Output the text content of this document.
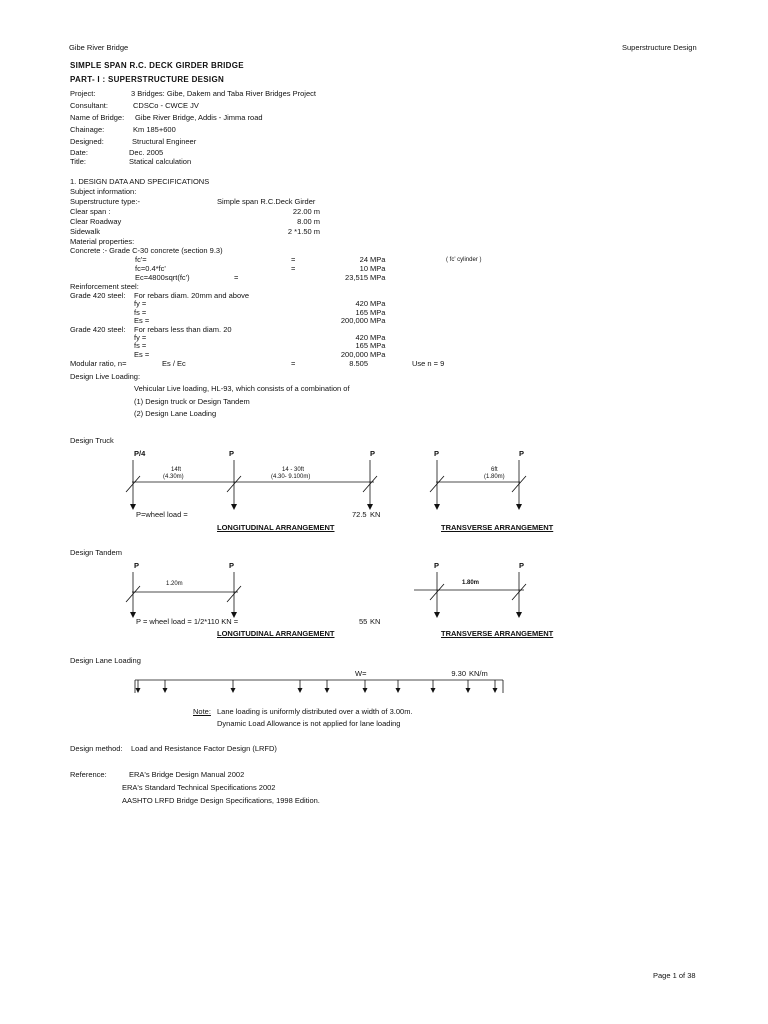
Gibe River Bridge	Superstructure Design
SIMPLE SPAN R.C. DECK GIRDER BRIDGE
PART- I : SUPERSTRUCTURE DESIGN
Project:	3 Bridges: Gibe, Dakem and Taba River Bridges Project
Consultant:	CDSCo - CWCE JV
Name of Bridge: Gibe River Bridge, Addis - Jimma road
Chainage:	Km 185+600
Designed:	Structural Engineer
Date:	Dec. 2005
Title:	Statical calculation
1. DESIGN DATA AND SPECIFICATIONS
Subject information:
Superstructure type:-	Simple span R.C.Deck Girder
Clear span :	22.00 m
Clear Roadway	8.00 m
Sidewalk	2 *1.50 m
Material properties:
Concrete :- Grade C-30 concrete (section 9.3)
fc'=	=	24 MPa	( fc' cylinder )
fc=0.4*fc'	=	10 MPa
Ec=4800sqrt(fc')	=	23,515 MPa
Reinforcement steel:
Grade 420 steel: For rebars diam. 20mm and above
fy =	420 MPa
fs =	165 MPa
Es =	200,000 MPa
Grade 420 steel: For rebars less than diam. 20
fy =	420 MPa
fs =	165 MPa
Es =	200,000 MPa
Modular ratio, n=	Es / Ec	=	8.505	Use n = 9
Design Live Loading:
Vehicular Live loading, HL-93, which consists of a combination of
(1) Design truck or Design Tandem
(2) Design Lane Loading
Design Truck
P/4	P	P	P	P
14ft
(4.30m)
14 - 30ft
(4.30- 9.100m)
6ft
(1.80m)
P=wheel load =	72.5 KN
LONGITUDINAL ARRANGEMENT	TRANSVERSE ARRANGEMENT
Design Tandem
P	P	P	P
1.20m	1.80m
P = wheel load = 1/2*110 KN =	55 KN
LONGITUDINAL ARRANGEMENT	TRANSVERSE ARRANGEMENT
Design Lane Loading
W=	9.30 KN/m
Note: Lane loading is uniformly distributed over a width of 3.00m.
Dynamic Load Allowance is not applied for lane loading
Design method: Load and Resistance Factor Design (LRFD)
Reference:	ERA's Bridge Design Manual 2002
ERA's Standard Technical Specifications 2002
AASHTO LRFD Bridge Design Specifications, 1998 Edition.
Page 1 of 38
